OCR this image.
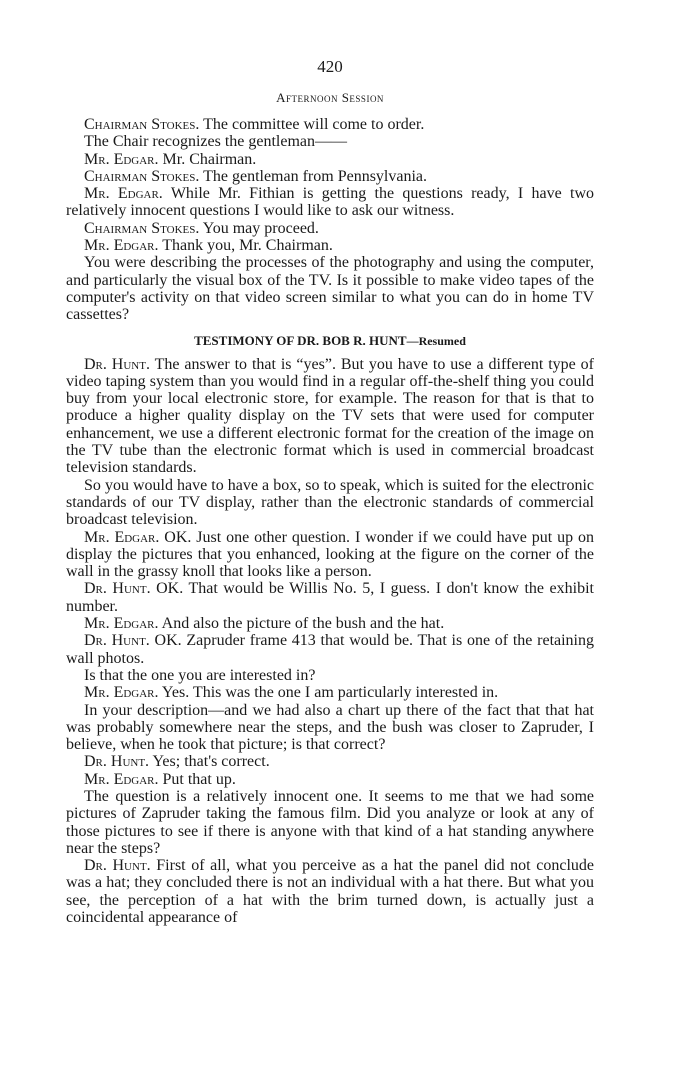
420
Afternoon Session

Chairman Stokes. The committee will come to order.

The Chair recognizes the gentleman——

Mr. Edgar. Mr. Chairman.

Chairman Stokes. The gentleman from Pennsylvania.

Mr. Edgar. While Mr. Fithian is getting the questions ready, I have two relatively innocent questions I would like to ask our witness.

Chairman Stokes. You may proceed.

Mr. Edgar. Thank you, Mr. Chairman.

You were describing the processes of the photography and using the computer, and particularly the visual box of the TV. Is it possible to make video tapes of the computer's activity on that video screen similar to what you can do in home TV cassettes?

TESTIMONY OF DR. BOB R. HUNT—Resumed

Dr. Hunt. The answer to that is “yes”. But you have to use a different type of video taping system than you would find in a regular off-the-shelf thing you could buy from your local electronic store, for example. The reason for that is that to produce a higher quality display on the TV sets that were used for computer enhancement, we use a different electronic format for the creation of the image on the TV tube than the electronic format which is used in commercial broadcast television standards.

So you would have to have a box, so to speak, which is suited for the electronic standards of our TV display, rather than the electronic standards of commercial broadcast television.

Mr. Edgar. OK. Just one other question. I wonder if we could have put up on display the pictures that you enhanced, looking at the figure on the corner of the wall in the grassy knoll that looks like a person.

Dr. Hunt. OK. That would be Willis No. 5, I guess. I don't know the exhibit number.

Mr. Edgar. And also the picture of the bush and the hat.

Dr. Hunt. OK. Zapruder frame 413 that would be. That is one of the retaining wall photos.

Is that the one you are interested in?

Mr. Edgar. Yes. This was the one I am particularly interested in.

In your description—and we had also a chart up there of the fact that that hat was probably somewhere near the steps, and the bush was closer to Zapruder, I believe, when he took that picture; is that correct?

Dr. Hunt. Yes; that's correct.

Mr. Edgar. Put that up.

The question is a relatively innocent one. It seems to me that we had some pictures of Zapruder taking the famous film. Did you analyze or look at any of those pictures to see if there is anyone with that kind of a hat standing anywhere near the steps?

Dr. Hunt. First of all, what you perceive as a hat the panel did not conclude was a hat; they concluded there is not an individual with a hat there. But what you see, the perception of a hat with the brim turned down, is actually just a coincidental appearance of
